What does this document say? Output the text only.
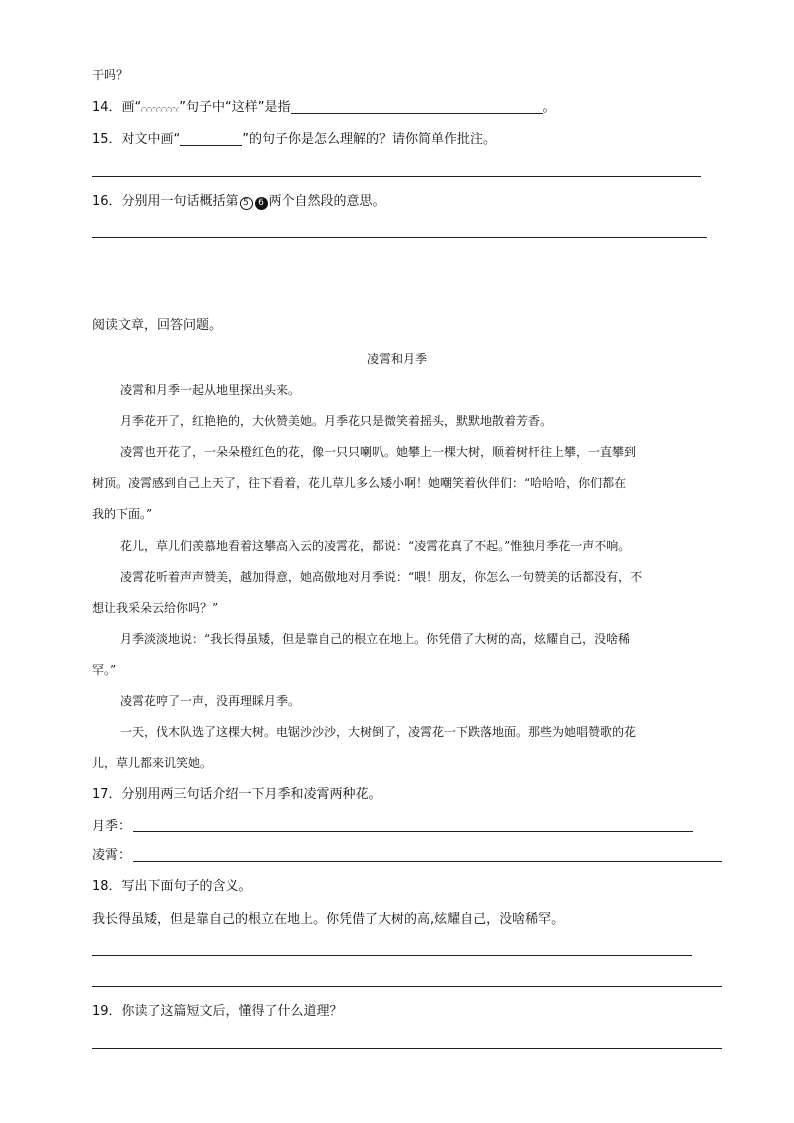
干吗？
14．画“	”句子中“这样”是指	。
15．对文中画“	”的句子你是怎么理解的？请你简单作批注。
16．分别用一句话概括第 5 6 两个自然段的意思。
阅读文章，回答问题。
凌霄和月季
凌霄和月季一起从地里探出头来。
月季花开了，红艳艳的，大伙赞美她。月季花只是微笑着摇头，默默地散着芳香。
凌霄也开花了，一朵朵橙红色的花，像一只只喇叭。她攀上一棵大树，顺着树杆往上攀，一直攀到
树顶。凌霄感到自己上天了，往下看着，花儿草儿多么矮小啊！她嘲笑着伙伴们：“哈哈哈，你们都在
我的下面。”
花儿，草儿们羡慕地看着这攀高入云的凌霄花，都说：“凌霄花真了不起。”惟独月季花一声不响。
凌霄花听着声声赞美，越加得意，她高傲地对月季说：“喂！朋友，你怎么一句赞美的话都没有，不
想让我采朵云给你吗？”
月季淡淡地说：“我长得虽矮，但是靠自己的根立在地上。你凭借了大树的高，炫耀自己，没啥稀
罕。”
凌霄花哼了一声，没再理睬月季。
一天，伐木队选了这棵大树。电锯沙沙沙，大树倒了，凌霄花一下跌落地面。那些为她唱赞歌的花
儿，草儿都来讥笑她。
17．分别用两三句话介绍一下月季和凌霄两种花。
月季：
凌霄：
18．写出下面句子的含义。
我长得虽矮，但是靠自己的根立在地上。你凭借了大树的高,炫耀自己，没啥稀罕。
19．你读了这篇短文后，懂得了什么道理？
